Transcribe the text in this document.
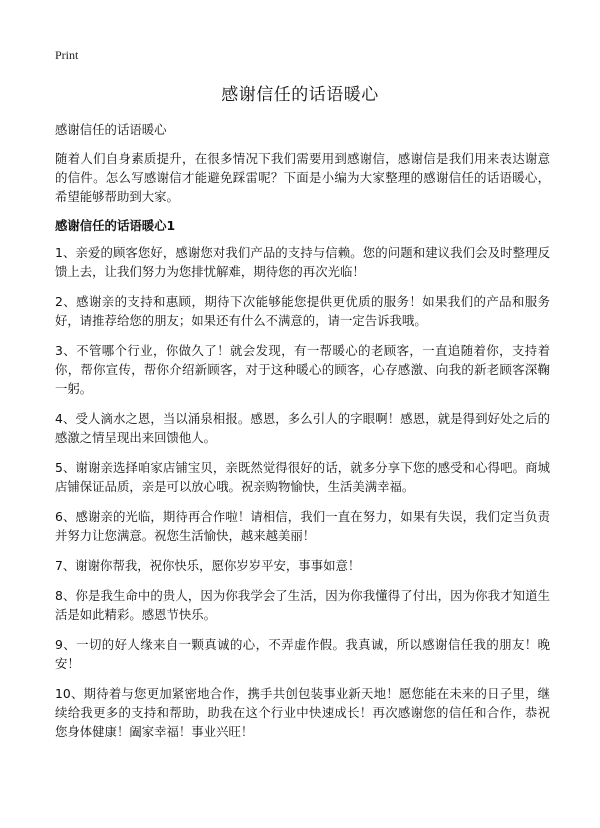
Print
感谢信任的话语暖心

感谢信任的话语暖心

随着人们自身素质提升，在很多情况下我们需要用到感谢信，感谢信是我们用来表达谢意的信件。怎么写感谢信才能避免踩雷呢？下面是小编为大家整理的感谢信任的话语暖心，希望能够帮助到大家。

感谢信任的话语暖心1

1、亲爱的顾客您好，感谢您对我们产品的支持与信赖。您的问题和建议我们会及时整理反馈上去，让我们努力为您排忧解难，期待您的再次光临！

2、感谢亲的支持和惠顾，期待下次能够能您提供更优质的服务！如果我们的产品和服务好，请推荐给您的朋友；如果还有什么不满意的，请一定告诉我哦。

3、不管哪个行业，你做久了！就会发现，有一帮暖心的老顾客，一直追随着你，支持着你，帮你宣传，帮你介绍新顾客，对于这种暖心的顾客，心存感激、向我的新老顾客深鞠一躬。

4、受人滴水之恩，当以涌泉相报。感恩，多么引人的字眼啊！感恩，就是得到好处之后的感激之情呈现出来回馈他人。

5、谢谢亲选择咱家店铺宝贝，亲既然觉得很好的话，就多分享下您的感受和心得吧。商城店铺保证品质，亲是可以放心哦。祝亲购物愉快，生活美满幸福。

6、感谢亲的光临，期待再合作啦！请相信，我们一直在努力，如果有失误，我们定当负责并努力让您满意。祝您生活愉快，越来越美丽！

7、谢谢你帮我，祝你快乐，愿你岁岁平安，事事如意！

8、你是我生命中的贵人，因为你我学会了生活，因为你我懂得了付出，因为你我才知道生活是如此精彩。感恩节快乐。

9、一切的好人缘来自一颗真诚的心，不弄虚作假。我真诚，所以感谢信任我的朋友！晚安！

10、期待着与您更加紧密地合作，携手共创包装事业新天地！愿您能在未来的日子里，继续给我更多的支持和帮助，助我在这个行业中快速成长！再次感谢您的信任和合作，恭祝您身体健康！阖家幸福！事业兴旺！
